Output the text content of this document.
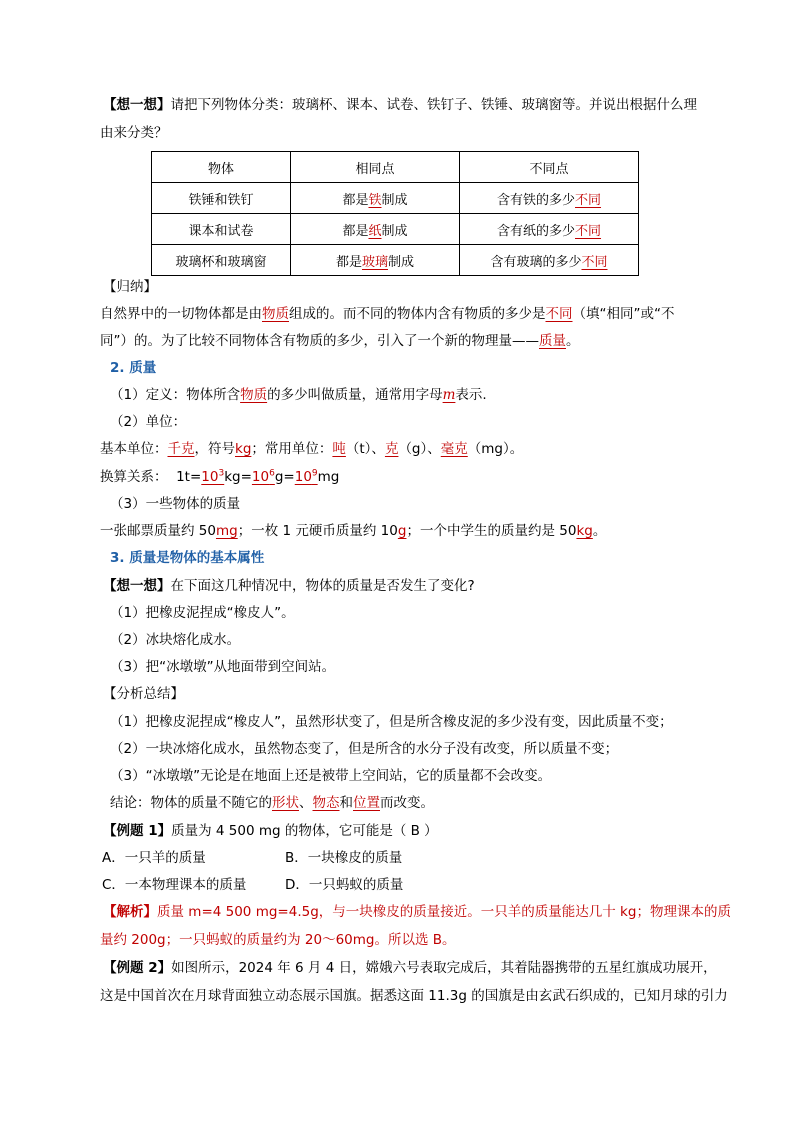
【想一想】请把下列物体分类：玻璃杯、课本、试卷、铁钉子、铁锤、玻璃窗等。并说出根据什么理
由来分类？
物体	相同点	不同点
铁锤和铁钉	都是铁制成	含有铁的多少不同
课本和试卷	都是纸制成	含有纸的多少不同
玻璃杯和玻璃窗	都是玻璃制成	含有玻璃的多少不同
【归纳】
自然界中的一切物体都是由物质组成的。而不同的物体内含有物质的多少是不同（填“相同”或“不
同”）的。为了比较不同物体含有物质的多少，引入了一个新的物理量——质量。
2. 质量
（1）定义：物体所含物质的多少叫做质量，通常用字母m表示.
（2）单位：
基本单位：千克，符号kg；常用单位：吨（t）、克（g）、毫克（mg）。
换算关系： $1t=10^3kg=10^6g=10^9mg$
（3）一些物体的质量
一张邮票质量约 50mg；一枚 1 元硬币质量约 10g；一个中学生的质量约是 50kg。
3. 质量是物体的基本属性
【想一想】在下面这几种情况中，物体的质量是否发生了变化?
（1）把橡皮泥捏成“橡皮人”。
（2）冰块熔化成水。
（3）把“冰墩墩”从地面带到空间站。
【分析总结】
（1）把橡皮泥捏成“橡皮人”，虽然形状变了，但是所含橡皮泥的多少没有变，因此质量不变；
（2）一块冰熔化成水，虽然物态变了，但是所含的水分子没有改变，所以质量不变；
（3）“冰墩墩”无论是在地面上还是被带上空间站，它的质量都不会改变。
结论：物体的质量不随它的形状、物态和位置而改变。
【例题 1】质量为 4 500 mg 的物体，它可能是（ B ）
A．一只羊的质量	B．一块橡皮的质量
C．一本物理课本的质量	D．一只蚂蚁的质量
【解析】质量 m=4 500 mg=4.5g，与一块橡皮的质量接近。一只羊的质量能达几十 kg；物理课本的质
量约 200g；一只蚂蚁的质量约为 20～60mg。所以选 B。
【例题 2】如图所示，2024 年 6 月 4 日，嫦娥六号表取完成后，其着陆器携带的五星红旗成功展开，
这是中国首次在月球背面独立动态展示国旗。据悉这面 11.3g 的国旗是由玄武石织成的，已知月球的引力
